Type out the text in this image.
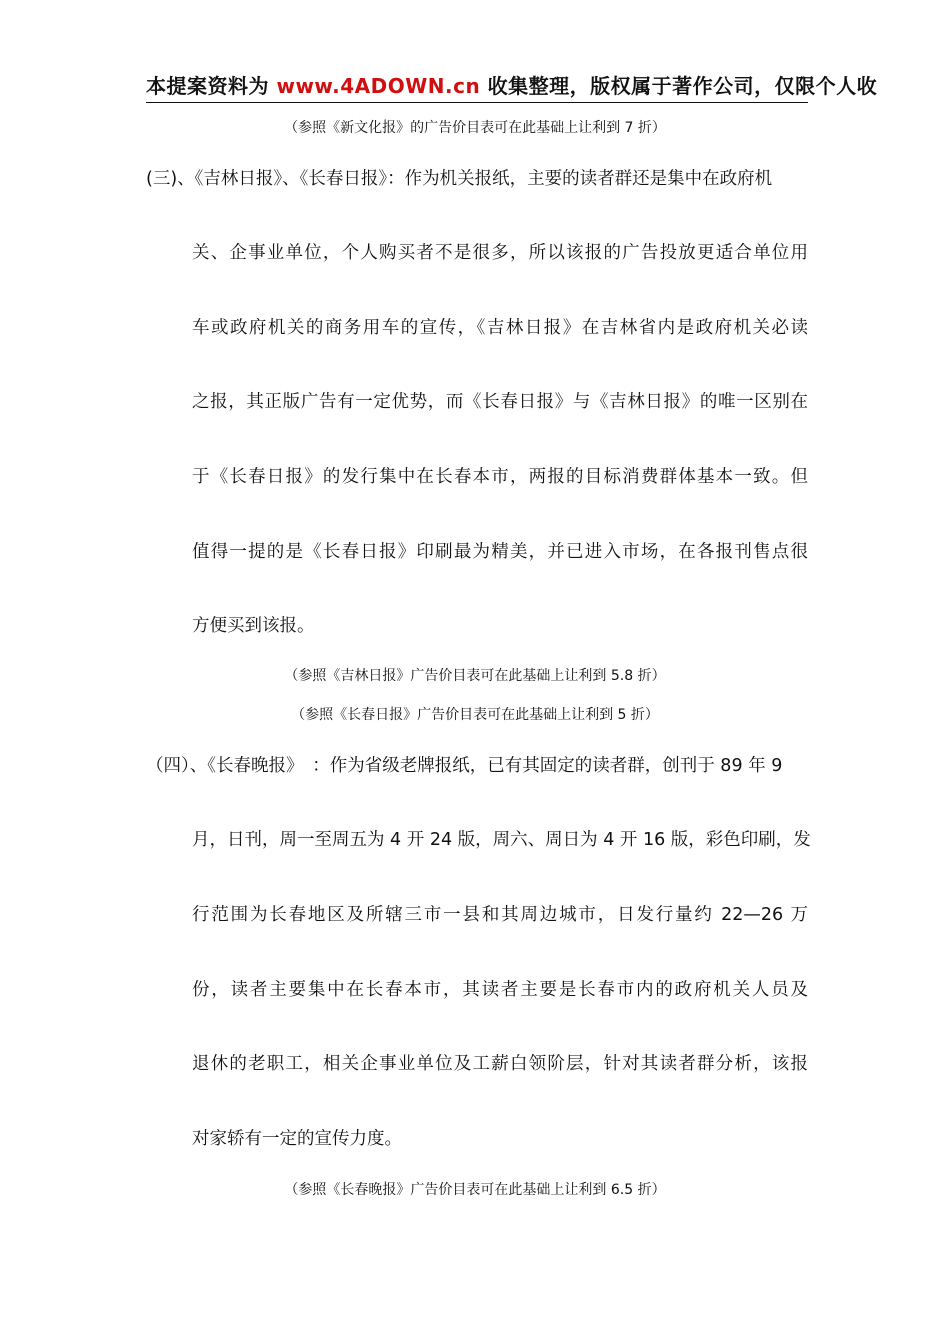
本提案资料为 www.4ADOWN.cn 收集整理，版权属于著作公司，仅限个人收
（参照《新文化报》的广告价目表可在此基础上让利到 7 折）
(三)、《吉林日报》、《长春日报》：作为机关报纸，主要的读者群还是集中在政府机
关、企事业单位，个人购买者不是很多，所以该报的广告投放更适合单位用
车或政府机关的商务用车的宣传，《吉林日报》在吉林省内是政府机关必读
之报，其正版广告有一定优势，而《长春日报》与《吉林日报》的唯一区别在
于《长春日报》的发行集中在长春本市，两报的目标消费群体基本一致。但
值得一提的是《长春日报》印刷最为精美，并已进入市场，在各报刊售点很
方便买到该报。
（参照《吉林日报》广告价目表可在此基础上让利到 5.8 折）
（参照《长春日报》广告价目表可在此基础上让利到 5 折）
（四）、《长春晚报》　：作为省级老牌报纸，已有其固定的读者群，创刊于 89 年 9
月，日刊，周一至周五为 4 开 24 版，周六、周日为 4 开 16 版，彩色印刷，发
行范围为长春地区及所辖三市一县和其周边城市，日发行量约 22—26 万
份，读者主要集中在长春本市，其读者主要是长春市内的政府机关人员及
退休的老职工，相关企事业单位及工薪白领阶层，针对其读者群分析，该报
对家轿有一定的宣传力度。
（参照《长春晚报》广告价目表可在此基础上让利到 6.5 折）
